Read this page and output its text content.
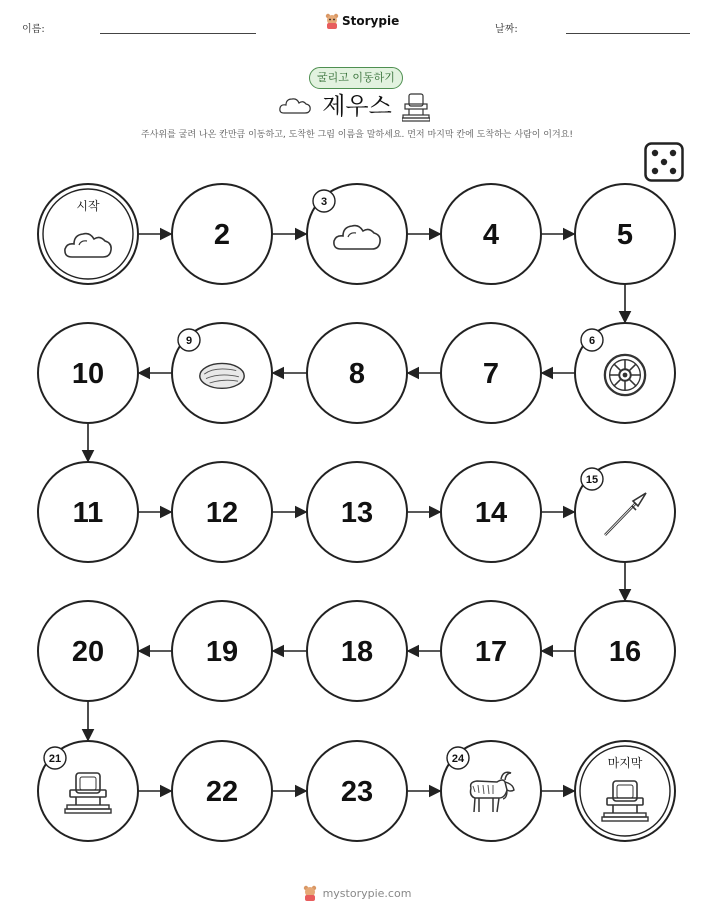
이름:	날짜:
Storypie
굴리고 이동하기
제우스
주사위를 굴려 나온 칸만큼 이동하고, 도착한 그림 이름을 말하세요. 먼저 마지막 칸에 도착하는 사람이 이겨요!
시작
2
3
4	5
6
7
8
9
10
11	12	13	14
15
16
17
18
19
20
21
22	23
24	마지막
mystorypie.com
